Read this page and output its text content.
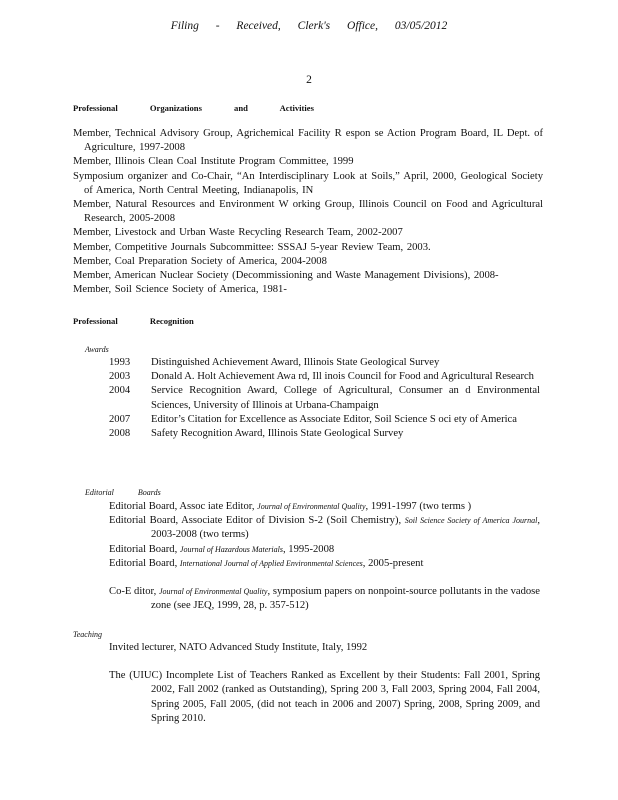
Filing - Received, Clerk's Office, 03/05/2012
2
Professional Organizations and Activities
Member, Technical Advisory Group, Agrichemical Facility R espon se Action Program Board, IL Dept. of Agriculture, 1997-2008
Member, Illinois Clean Coal Institute Program Committee, 1999
Symposium organizer and Co-Chair, “An Interdisciplinary Look at Soils,” April, 2000, Geological Society of America, North Central Meeting, Indianapolis, IN
Member, Natural Resources and Environment W orking Group, Illinois Council on Food and Agricultural Research, 2005-2008
Member, Livestock and Urban Waste Recycling Research Team, 2002-2007
Member, Competitive Journals Subcommittee: SSSAJ 5-year Review Team, 2003.
Member, Coal Preparation Society of America, 2004-2008
Member, American Nuclear Society (Decommissioning and Waste Management Divisions), 2008-
Member, Soil Science Society of America, 1981-
Professional Recognition
Awards
1993	Distinguished Achievement Award, Illinois State Geological Survey
2003	Donald A. Holt Achievement Awa rd, Ill inois Council for Food and Agricultural Research
2004	Service Recognition Award, College of Agricultural, Consumer an d Environmental Sciences, University of Illinois at Urbana-Champaign
2007	Editor’s Citation for Excellence as Associate Editor, Soil Science S oci ety of America
2008	Safety Recognition Award, Illinois State Geological Survey
Editorial Boards
Editorial Board, Assoc iate Editor, Journal of Environmental Quality, 1991-1997 (two terms )
Editorial Board, Associate Editor of Division S-2 (Soil Chemistry), Soil Science Society of America Journal, 2003-2008 (two terms)
Editorial Board, Journal of Hazardous Materials, 1995-2008
Editorial Board, International Journal of Applied Environmental Sciences, 2005-present
Co-E ditor, Journal of Environmental Quality, symposium papers on nonpoint-source pollutants in the vadose zone (see JEQ, 1999, 28, p. 357-512)
Teaching
Invited lecturer, NATO Advanced Study Institute, Italy, 1992
The (UIUC) Incomplete List of Teachers Ranked as Excellent by their Students: Fall 2001, Spring 2002, Fall 2002 (ranked as Outstanding), Spring 200 3, Fall 2003, Spring 2004, Fall 2004, Spring 2005, Fall 2005, (did not teach in 2006 and 2007) Spring, 2008, Spring 2009, and Spring 2010.
